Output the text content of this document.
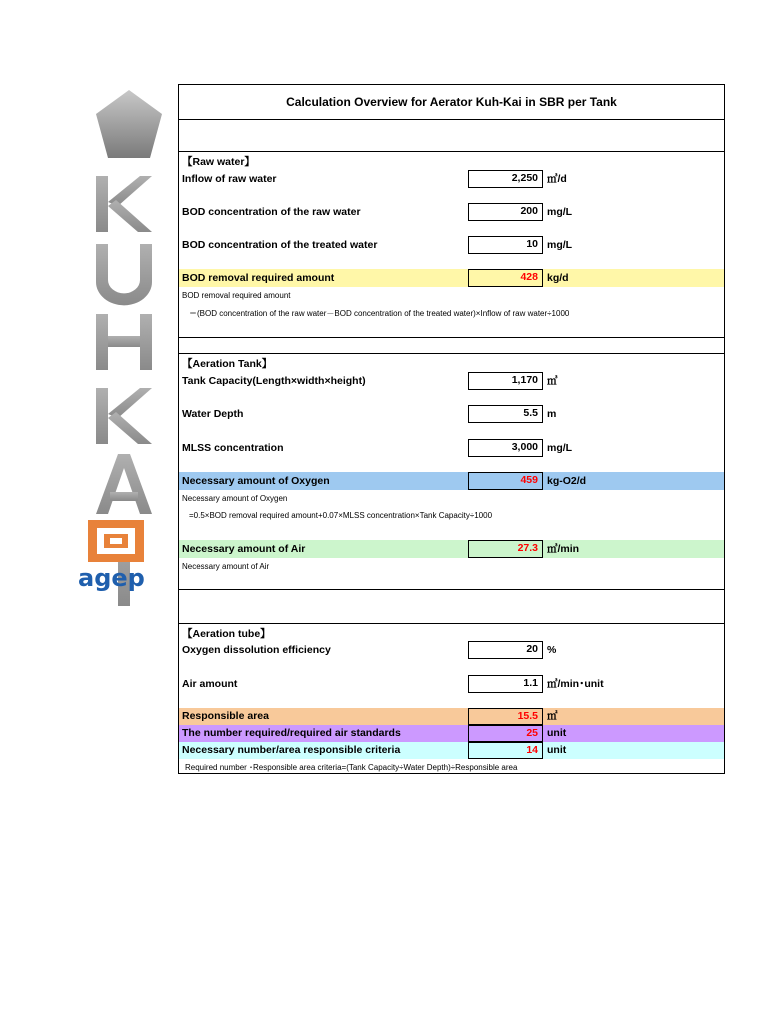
agep
Calculation Overview for Aerator Kuh-Kai in SBR per Tank
【Raw water】
Inflow of raw water	2,250 ㎥/d
BOD concentration of the raw water	200 mg/L
BOD concentration of the treated water	10 mg/L
BOD removal required amount	428 kg/d
BOD removal required amount
＝(BOD concentration of the raw water－BOD concentration of the treated water)×Inflow of raw water÷1000
【Aeration Tank】
Tank Capacity(Length×width×height)	1,170 ㎥
Water Depth	5.5 m
MLSS concentration	3,000 mg/L
Necessary amount of Oxygen	459 kg-O2/d
Necessary amount of Oxygen
=0.5×BOD removal required amount+0.07×MLSS concentration×Tank Capacity÷1000
Necessary amount of Air	27.3 ㎥/min
Necessary amount of Air
【Aeration tube】
Oxygen dissolution efficiency	20 %
Air amount	1.1 ㎥/min･unit
Responsible area	15.5 ㎡
The number required/required air standards	25 unit
Necessary number/area responsible criteria	14 unit
Required number ･Responsible area criteria=(Tank Capacity÷Water Depth)÷Responsible area
